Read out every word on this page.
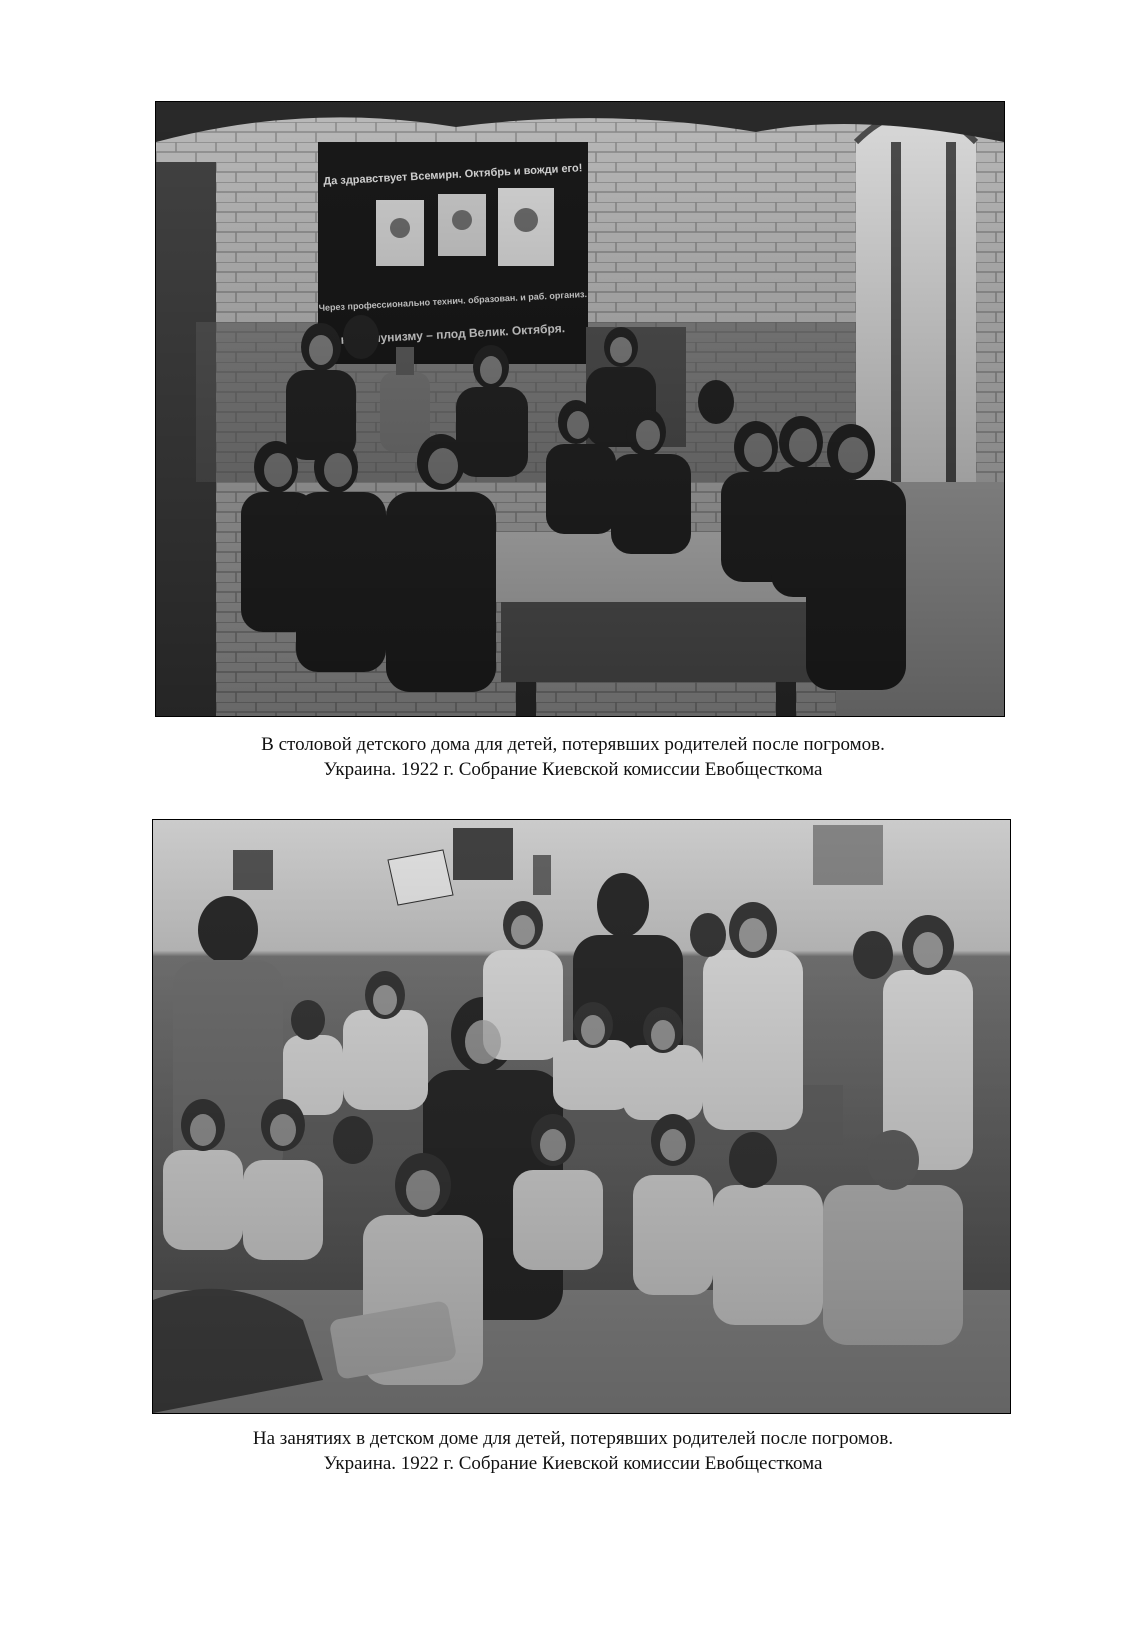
В столовой детского дома для детей, потерявших родителей после погромов.
Украина. 1922 г. Собрание Киевской комиссии Евобщесткома
На занятиях в детском доме для детей, потерявших родителей после погромов.
Украина. 1922 г. Собрание Киевской комиссии Евобщесткома
